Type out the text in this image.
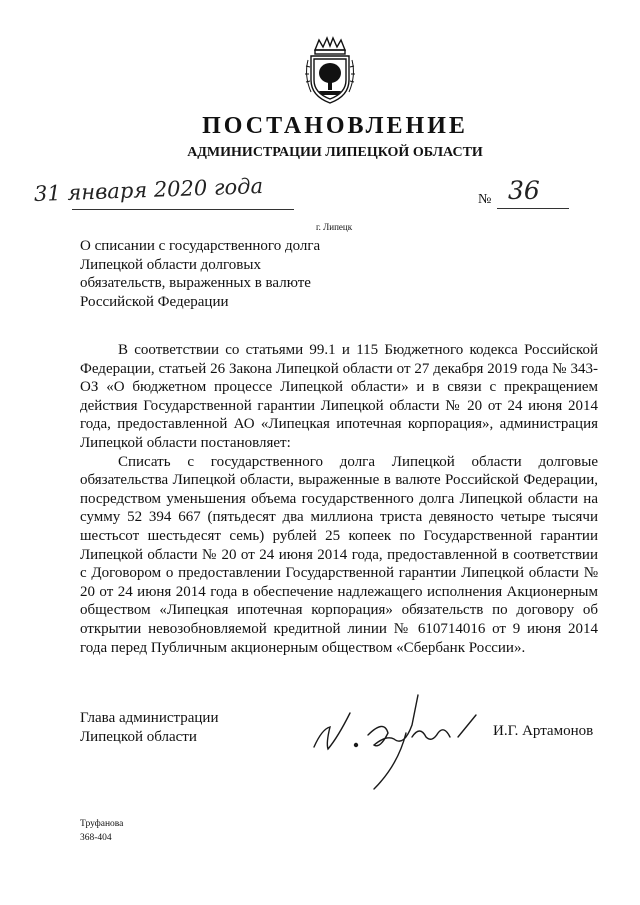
ПОСТАНОВЛЕНИЕ
АДМИНИСТРАЦИИ ЛИПЕЦКОЙ ОБЛАСТИ
31 января 2020 года
г. Липецк
№ 36
О списании с государственного долга
Липецкой области долговых
обязательств, выраженных в валюте
Российской Федерации

В соответствии со статьями 99.1 и 115 Бюджетного кодекса Российской Федерации, статьей 26 Закона Липецкой области от 27 декабря 2019 года № 343-ОЗ «О бюджетном процессе Липецкой области» и в связи с прекращением действия Государственной гарантии Липецкой области № 20 от 24 июня 2014 года, предоставленной АО «Липецкая ипотечная корпорация», администрация Липецкой области постановляет:

Списать с государственного долга Липецкой области долговые обязательства Липецкой области, выраженные в валюте Российской Федерации, посредством уменьшения объема государственного долга Липецкой области на сумму 52 394 667 (пятьдесят два миллиона триста девяносто четыре тысячи шестьсот шестьдесят семь) рублей 25 копеек по Государственной гарантии Липецкой области № 20 от 24 июня 2014 года, предоставленной в соответствии с Договором о предоставлении Государственной гарантии Липецкой области № 20 от 24 июня 2014 года в обеспечение надлежащего исполнения Акционерным обществом «Липецкая ипотечная корпорация» обязательств по договору об открытии невозобновляемой кредитной линии № 610714016 от 9 июня 2014 года перед Публичным акционерным обществом «Сбербанк России».

Глава администрации
Липецкой области	И.Г. Артамонов
Труфанова
368-404
